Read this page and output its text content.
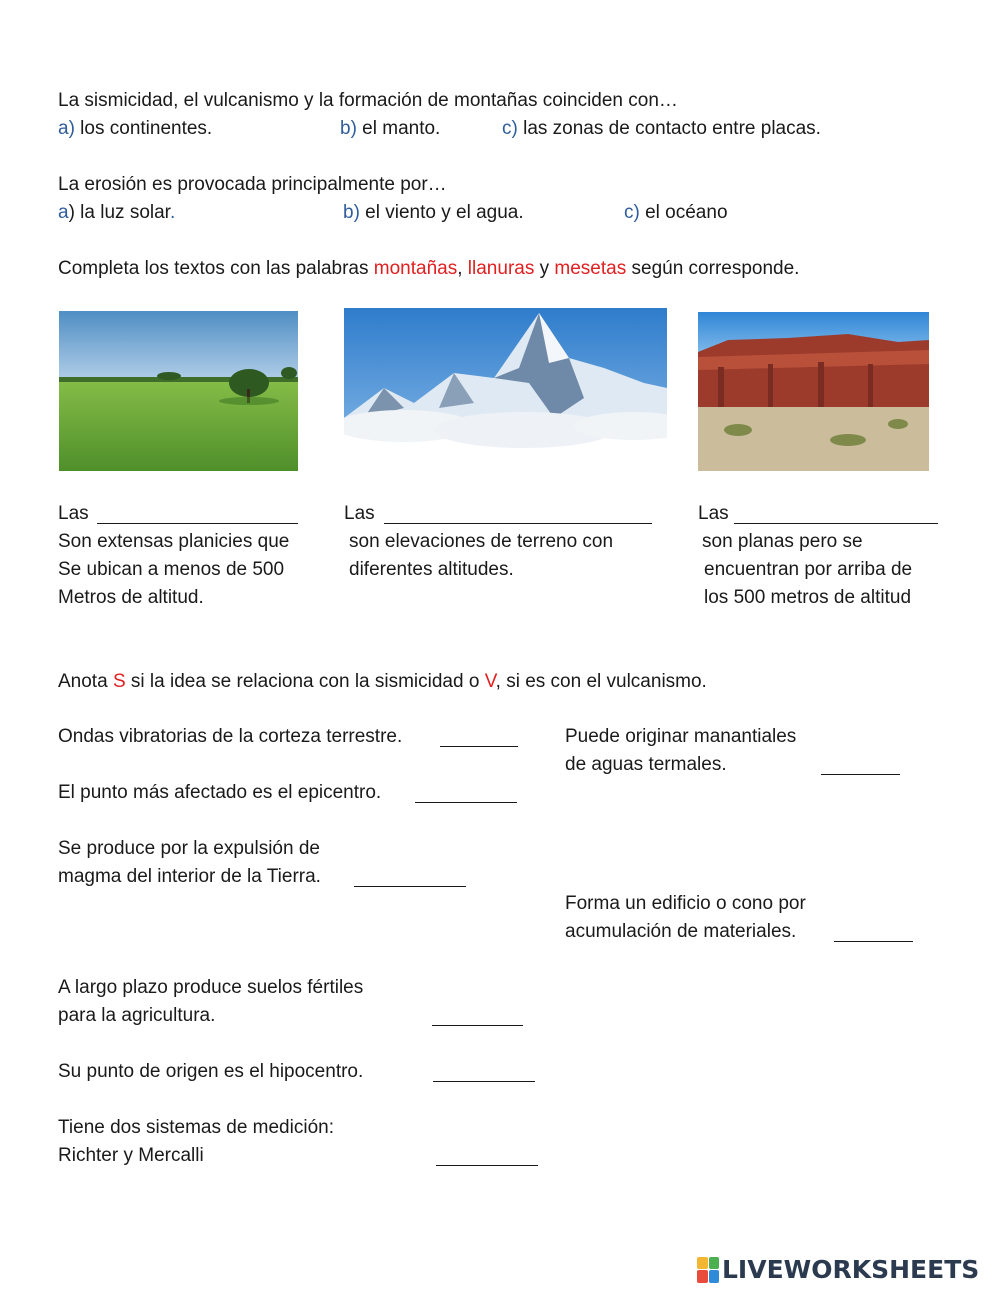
La sismicidad, el vulcanismo y la formación de montañas coinciden con…
a) los continentes.	b) el manto.	c) las zonas de contacto entre placas.
La erosión es provocada principalmente por…
a) la luz solar.	b) el viento y el agua.	c) el océano
Completa los textos con las palabras montañas, llanuras y mesetas según corresponde.
Las
Son extensas planicies que
Se ubican a menos de 500
Metros de altitud.
Las
son elevaciones de terreno con
diferentes altitudes.
Las
son planas pero se
encuentran por arriba de
los 500 metros de altitud
Anota S si la idea se relaciona con la sismicidad o V, si es con el vulcanismo.
Ondas vibratorias de la corteza terrestre.
El punto más afectado es el epicentro.
Se produce por la expulsión de
magma del interior de la Tierra.
A largo plazo produce suelos fértiles
para la agricultura.
Su punto de origen es el hipocentro.
Tiene dos sistemas de medición:
Richter y Mercalli
Puede originar manantiales
de aguas termales.
Forma un edificio o cono por
acumulación de materiales.
LIVEWORKSHEETS
